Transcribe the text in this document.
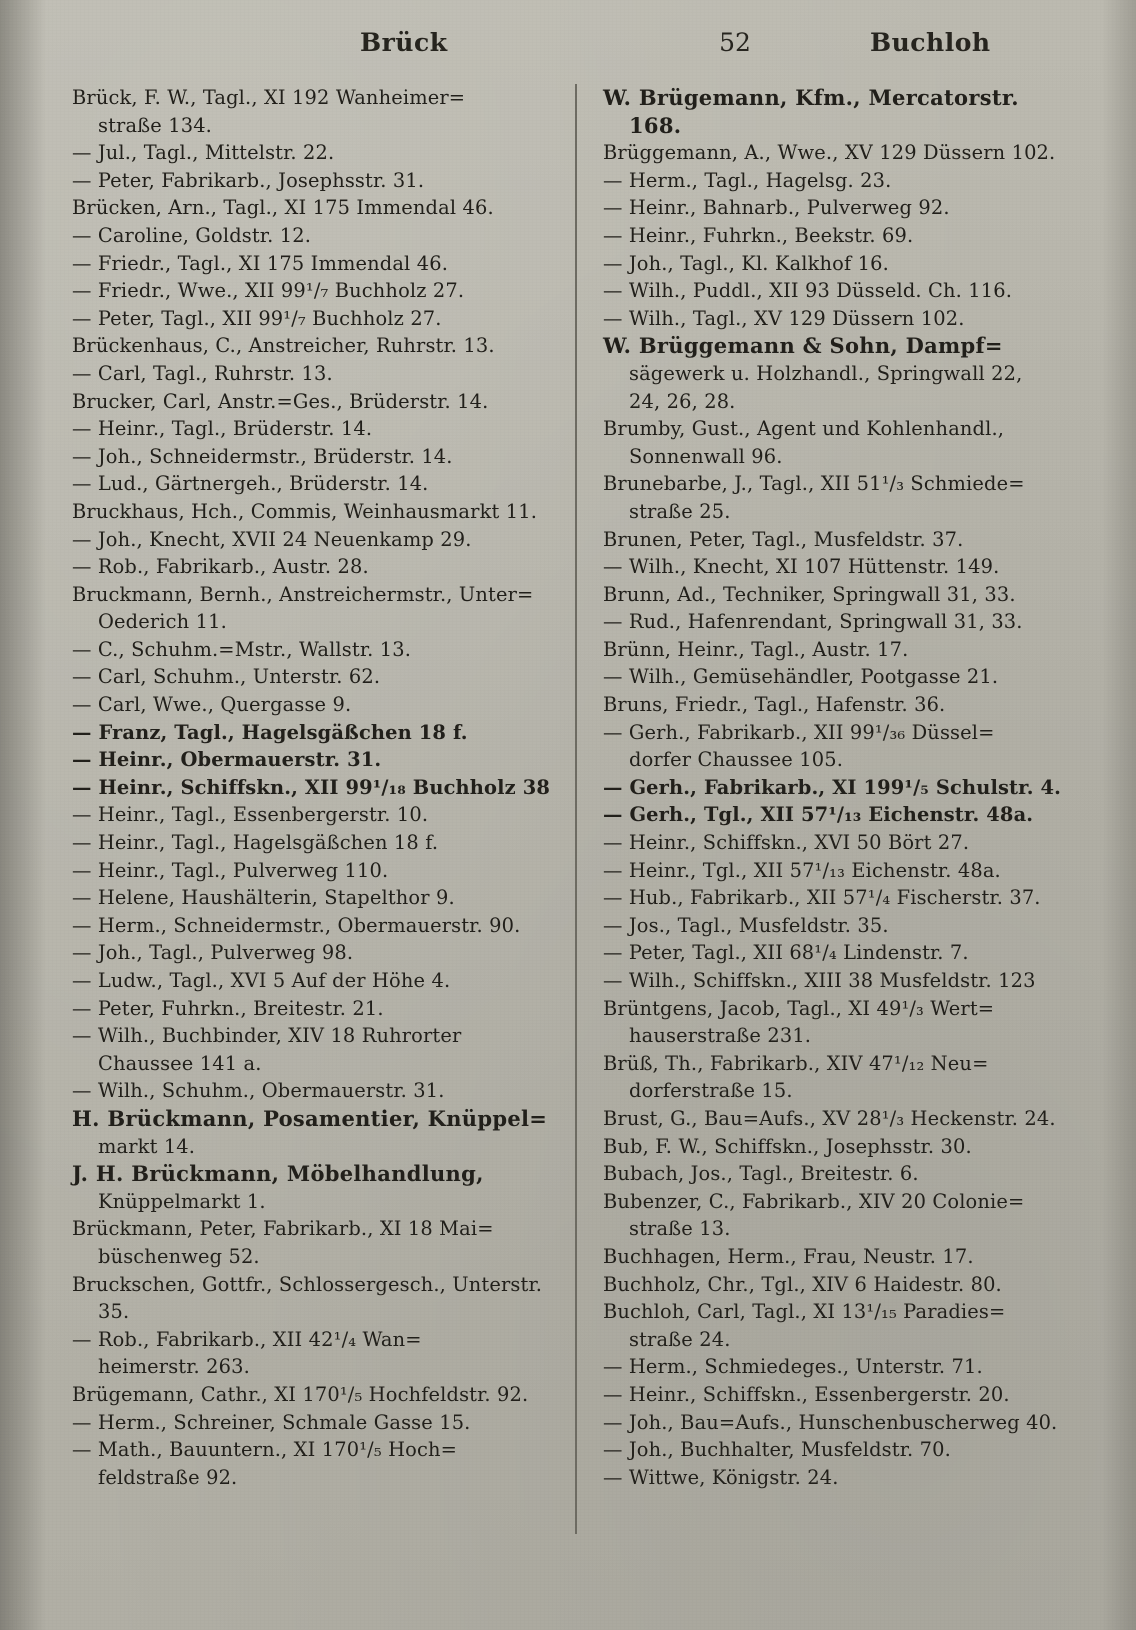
Brück	52	Buchloh

Brück, F. W., Tagl., XI 192 Wanheimer=

straße 134.

— Jul., Tagl., Mittelstr. 22.

— Peter, Fabrikarb., Josephsstr. 31.

Brücken, Arn., Tagl., XI 175 Immendal 46.

— Caroline, Goldstr. 12.

— Friedr., Tagl., XI 175 Immendal 46.

— Friedr., Wwe., XII 99¹/₇ Buchholz 27.

— Peter, Tagl., XII 99¹/₇ Buchholz 27.

Brückenhaus, C., Anstreicher, Ruhrstr. 13.

— Carl, Tagl., Ruhrstr. 13.

Brucker, Carl, Anstr.=Ges., Brüderstr. 14.

— Heinr., Tagl., Brüderstr. 14.

— Joh., Schneidermstr., Brüderstr. 14.

— Lud., Gärtnergeh., Brüderstr. 14.

Bruckhaus, Hch., Commis, Weinhausmarkt 11.

— Joh., Knecht, XVII 24 Neuenkamp 29.

— Rob., Fabrikarb., Austr. 28.

Bruckmann, Bernh., Anstreichermstr., Unter=

Oederich 11.

— C., Schuhm.=Mstr., Wallstr. 13.

— Carl, Schuhm., Unterstr. 62.

— Carl, Wwe., Quergasse 9.

— Franz, Tagl., Hagelsgäßchen 18 f.

— Heinr., Obermauerstr. 31.

— Heinr., Schiffskn., XII 99¹/₁₈ Buchholz 38

— Heinr., Tagl., Essenbergerstr. 10.

— Heinr., Tagl., Hagelsgäßchen 18 f.

— Heinr., Tagl., Pulverweg 110.

— Helene, Haushälterin, Stapelthor 9.

— Herm., Schneidermstr., Obermauerstr. 90.

— Joh., Tagl., Pulverweg 98.

— Ludw., Tagl., XVI 5 Auf der Höhe 4.

— Peter, Fuhrkn., Breitestr. 21.

— Wilh., Buchbinder, XIV 18 Ruhrorter

Chaussee 141 a.

— Wilh., Schuhm., Obermauerstr. 31.

H. Brückmann, Posamentier, Knüppel=

markt 14.

J. H. Brückmann, Möbelhandlung,

Knüppelmarkt 1.

Brückmann, Peter, Fabrikarb., XI 18 Mai=

büschenweg 52.

Bruckschen, Gottfr., Schlossergesch., Unterstr. 35.

— Rob., Fabrikarb., XII 42¹/₄ Wan=

heimerstr. 263.

Brügemann, Cathr., XI 170¹/₅ Hochfeldstr. 92.

— Herm., Schreiner, Schmale Gasse 15.

— Math., Bauuntern., XI 170¹/₅ Hoch=

feldstraße 92.

W. Brügemann, Kfm., Mercatorstr. 168.

Brüggemann, A., Wwe., XV 129 Düssern 102.

— Herm., Tagl., Hagelsg. 23.

— Heinr., Bahnarb., Pulverweg 92.

— Heinr., Fuhrkn., Beekstr. 69.

— Joh., Tagl., Kl. Kalkhof 16.

— Wilh., Puddl., XII 93 Düsseld. Ch. 116.

— Wilh., Tagl., XV 129 Düssern 102.

W. Brüggemann & Sohn, Dampf=

sägewerk u. Holzhandl., Springwall 22,

24, 26, 28.

Brumby, Gust., Agent und Kohlenhandl.,

Sonnenwall 96.

Brunebarbe, J., Tagl., XII 51¹/₃ Schmiede=

straße 25.

Brunen, Peter, Tagl., Musfeldstr. 37.

— Wilh., Knecht, XI 107 Hüttenstr. 149.

Brunn, Ad., Techniker, Springwall 31, 33.

— Rud., Hafenrendant, Springwall 31, 33.

Brünn, Heinr., Tagl., Austr. 17.

— Wilh., Gemüsehändler, Pootgasse 21.

Bruns, Friedr., Tagl., Hafenstr. 36.

— Gerh., Fabrikarb., XII 99¹/₃₆ Düssel=

dorfer Chaussee 105.

— Gerh., Fabrikarb., XI 199¹/₅ Schulstr. 4.

— Gerh., Tgl., XII 57¹/₁₃ Eichenstr. 48a.

— Heinr., Schiffskn., XVI 50 Bört 27.

— Heinr., Tgl., XII 57¹/₁₃ Eichenstr. 48a.

— Hub., Fabrikarb., XII 57¹/₄ Fischerstr. 37.

— Jos., Tagl., Musfeldstr. 35.

— Peter, Tagl., XII 68¹/₄ Lindenstr. 7.

— Wilh., Schiffskn., XIII 38 Musfeldstr. 123

Brüntgens, Jacob, Tagl., XI 49¹/₃ Wert=

hauserstraße 231.

Brüß, Th., Fabrikarb., XIV 47¹/₁₂ Neu=

dorferstraße 15.

Brust, G., Bau=Aufs., XV 28¹/₃ Heckenstr. 24.

Bub, F. W., Schiffskn., Josephsstr. 30.

Bubach, Jos., Tagl., Breitestr. 6.

Bubenzer, C., Fabrikarb., XIV 20 Colonie=

straße 13.

Buchhagen, Herm., Frau, Neustr. 17.

Buchholz, Chr., Tgl., XIV 6 Haidestr. 80.

Buchloh, Carl, Tagl., XI 13¹/₁₅ Paradies=

straße 24.

— Herm., Schmiedeges., Unterstr. 71.

— Heinr., Schiffskn., Essenbergerstr. 20.

— Joh., Bau=Aufs., Hunschenbuscherweg 40.

— Joh., Buchhalter, Musfeldstr. 70.

— Wittwe, Königstr. 24.
